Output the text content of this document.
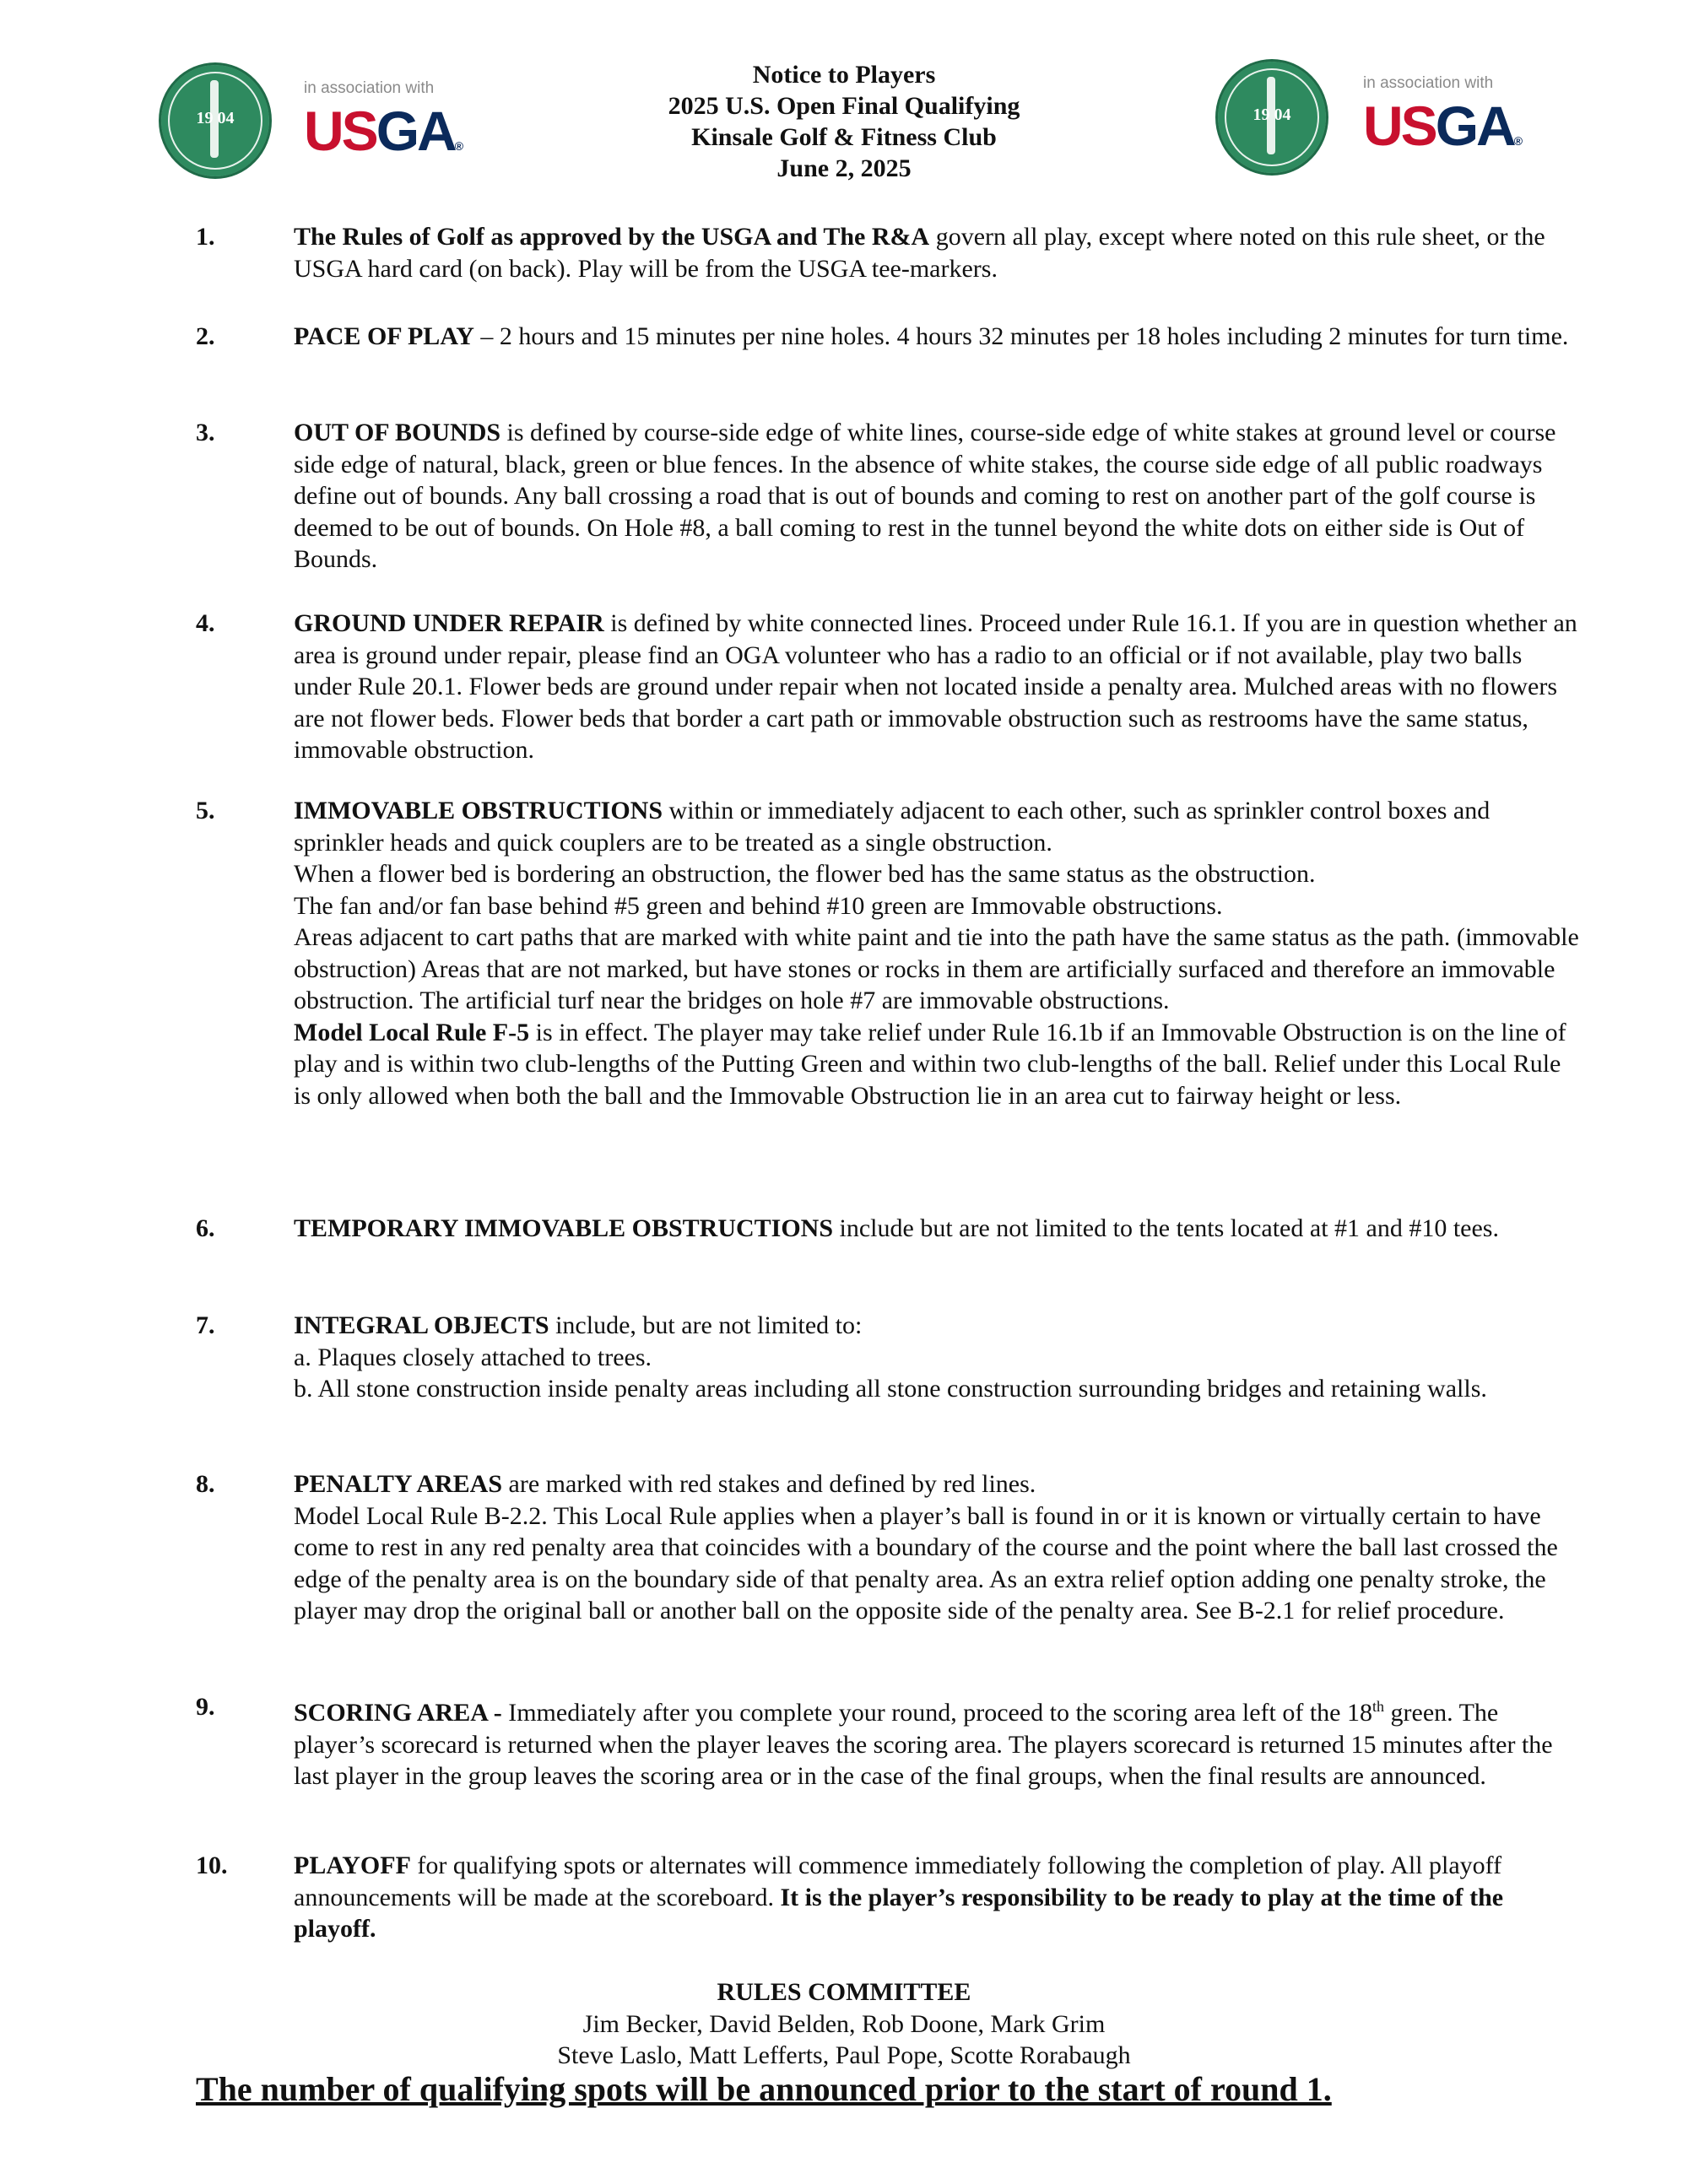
19 04
in association with
USGA®
19 04
in association with
USGA®
Notice to Players
2025 U.S. Open Final Qualifying
Kinsale Golf & Fitness Club
June 2, 2025
1.	The Rules of Golf as approved by the USGA and The R&A govern all play, except where noted on this rule sheet, or the USGA hard card (on back). Play will be from the USGA tee-markers.
2.	PACE OF PLAY – 2 hours and 15 minutes per nine holes. 4 hours 32 minutes per 18 holes including 2 minutes for turn time.
3.	OUT OF BOUNDS is defined by course-side edge of white lines, course-side edge of white stakes at ground level or course side edge of natural, black, green or blue fences. In the absence of white stakes, the course side edge of all public roadways define out of bounds. Any ball crossing a road that is out of bounds and coming to rest on another part of the golf course is deemed to be out of bounds. On Hole #8, a ball coming to rest in the tunnel beyond the white dots on either side is Out of Bounds.
4.	GROUND UNDER REPAIR is defined by white connected lines. Proceed under Rule 16.1. If you are in question whether an area is ground under repair, please find an OGA volunteer who has a radio to an official or if not available, play two balls under Rule 20.1. Flower beds are ground under repair when not located inside a penalty area. Mulched areas with no flowers are not flower beds. Flower beds that border a cart path or immovable obstruction such as restrooms have the same status, immovable obstruction.
5.	IMMOVABLE OBSTRUCTIONS within or immediately adjacent to each other, such as sprinkler control boxes and sprinkler heads and quick couplers are to be treated as a single obstruction.

When a flower bed is bordering an obstruction, the flower bed has the same status as the obstruction.

The fan and/or fan base behind #5 green and behind #10 green are Immovable obstructions.

Areas adjacent to cart paths that are marked with white paint and tie into the path have the same status as the path. (immovable obstruction) Areas that are not marked, but have stones or rocks in them are artificially surfaced and therefore an immovable obstruction. The artificial turf near the bridges on hole #7 are immovable obstructions.

Model Local Rule F-5 is in effect. The player may take relief under Rule 16.1b if an Immovable Obstruction is on the line of play and is within two club-lengths of the Putting Green and within two club-lengths of the ball. Relief under this Local Rule is only allowed when both the ball and the Immovable Obstruction lie in an area cut to fairway height or less.

6.	TEMPORARY IMMOVABLE OBSTRUCTIONS include but are not limited to the tents located at #1 and #10 tees.
7.	INTEGRAL OBJECTS include, but are not limited to:

a. Plaques closely attached to trees.

b. All stone construction inside penalty areas including all stone construction surrounding bridges and retaining walls.

8.	PENALTY AREAS are marked with red stakes and defined by red lines.

Model Local Rule B-2.2. This Local Rule applies when a player’s ball is found in or it is known or virtually certain to have come to rest in any red penalty area that coincides with a boundary of the course and the point where the ball last crossed the edge of the penalty area is on the boundary side of that penalty area. As an extra relief option adding one penalty stroke, the player may drop the original ball or another ball on the opposite side of the penalty area. See B-2.1 for relief procedure.

9.	SCORING AREA - Immediately after you complete your round, proceed to the scoring area left of the 18th green. The player’s scorecard is returned when the player leaves the scoring area. The players scorecard is returned 15 minutes after the last player in the group leaves the scoring area or in the case of the final groups, when the final results are announced.
10.	PLAYOFF for qualifying spots or alternates will commence immediately following the completion of play. All playoff announcements will be made at the scoreboard. It is the player’s responsibility to be ready to play at the time of the playoff.
RULES COMMITTEE
Jim Becker, David Belden, Rob Doone, Mark Grim
Steve Laslo, Matt Lefferts, Paul Pope, Scotte Rorabaugh
The number of qualifying spots will be announced prior to the start of round 1.
